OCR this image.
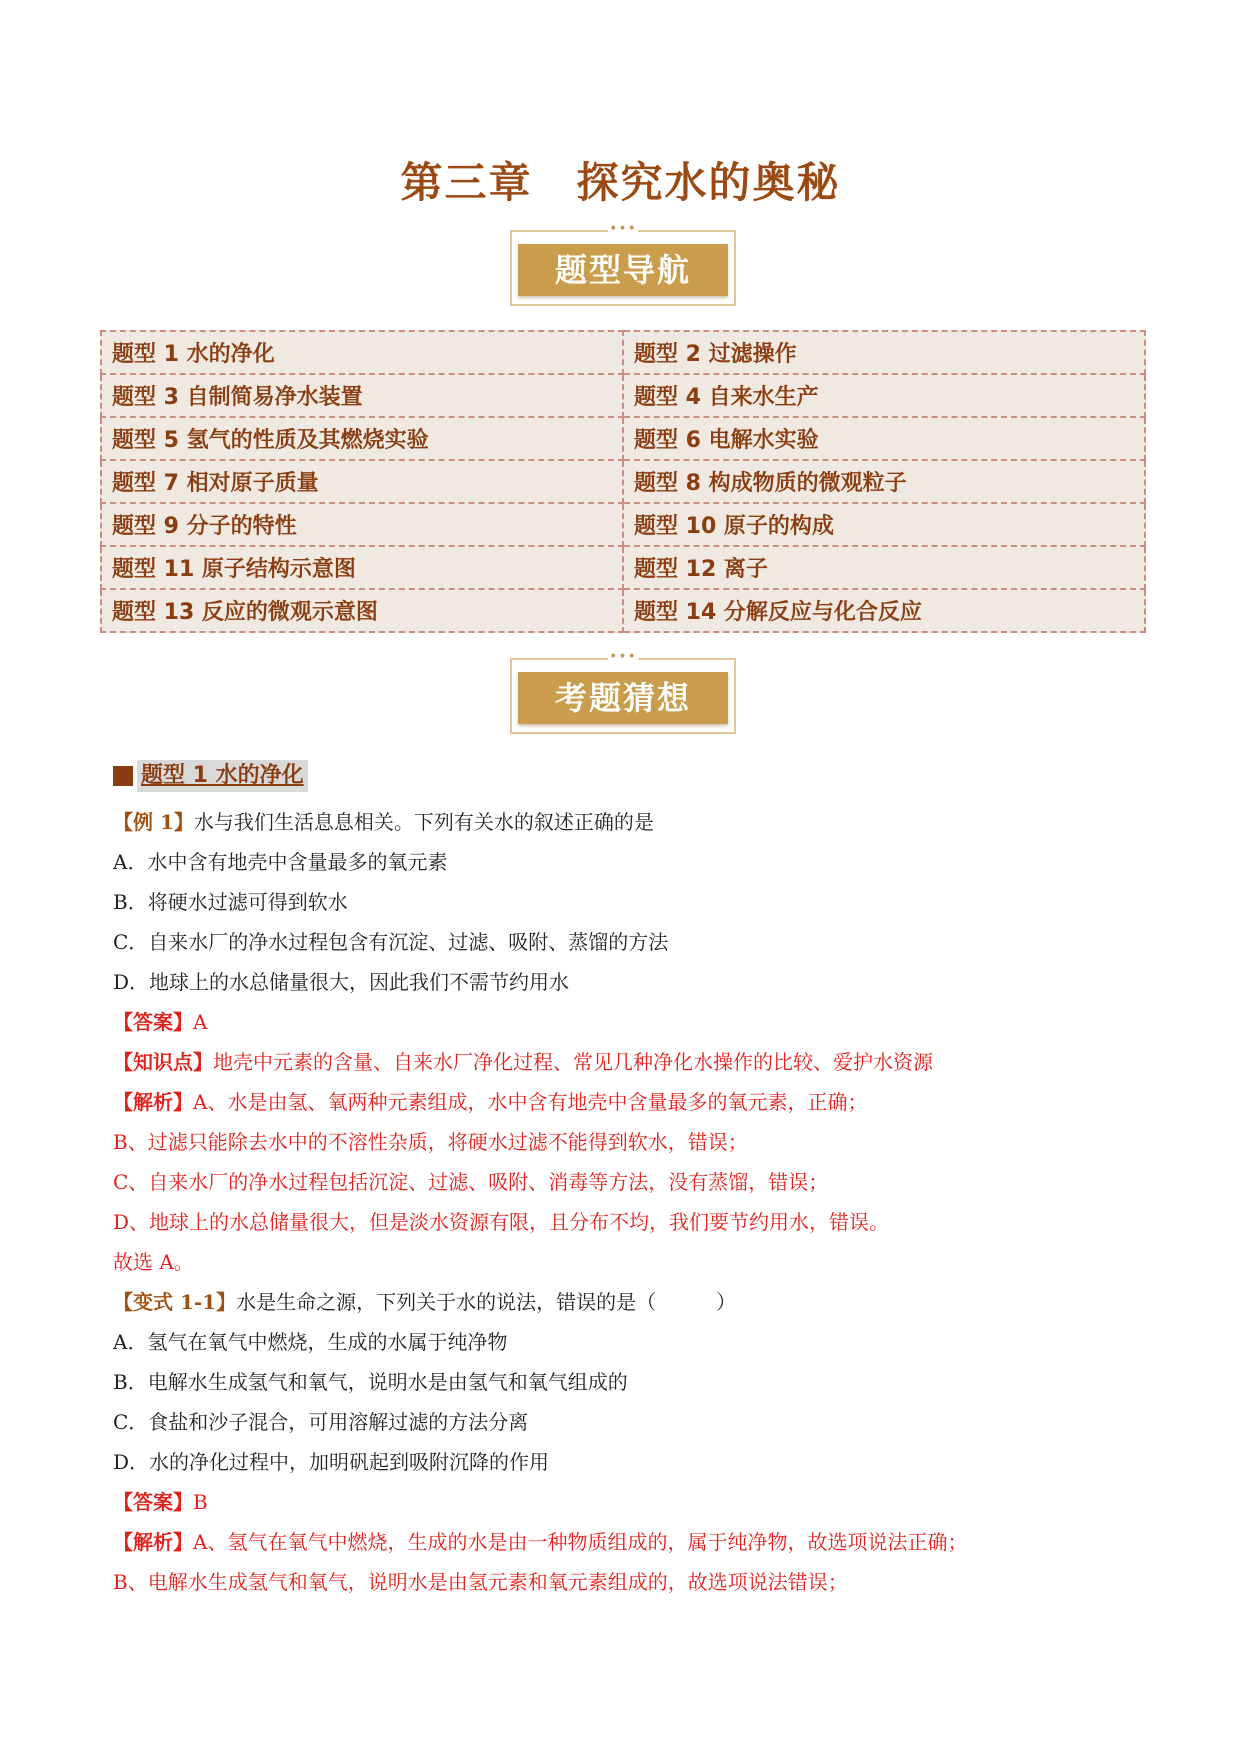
第三章　探究水的奥秘
•••
题型导航
题型 1 水的净化	题型 2 过滤操作
题型 3 自制简易净水装置	题型 4 自来水生产
题型 5 氢气的性质及其燃烧实验	题型 6 电解水实验
题型 7 相对原子质量	题型 8 构成物质的微观粒子
题型 9 分子的特性	题型 10 原子的构成
题型 11 原子结构示意图	题型 12 离子
题型 13 反应的微观示意图	题型 14 分解反应与化合反应
•••
考题猜想
题型 1 水的净化
【例 1】水与我们生活息息相关。下列有关水的叙述正确的是
A．水中含有地壳中含量最多的氧元素
B．将硬水过滤可得到软水
C．自来水厂的净水过程包含有沉淀、过滤、吸附、蒸馏的方法
D．地球上的水总储量很大，因此我们不需节约用水
【答案】A
【知识点】地壳中元素的含量、自来水厂净化过程、常见几种净化水操作的比较、爱护水资源
【解析】A、水是由氢、氧两种元素组成，水中含有地壳中含量最多的氧元素，正确；
B、过滤只能除去水中的不溶性杂质，将硬水过滤不能得到软水，错误；
C、自来水厂的净水过程包括沉淀、过滤、吸附、消毒等方法，没有蒸馏，错误；
D、地球上的水总储量很大，但是淡水资源有限，且分布不均，我们要节约用水，错误。
故选 A。
【变式 1-1】水是生命之源，下列关于水的说法，错误的是（　　　）
A．氢气在氧气中燃烧，生成的水属于纯净物
B．电解水生成氢气和氧气，说明水是由氢气和氧气组成的
C．食盐和沙子混合，可用溶解过滤的方法分离
D．水的净化过程中，加明矾起到吸附沉降的作用
【答案】B
【解析】A、氢气在氧气中燃烧，生成的水是由一种物质组成的，属于纯净物，故选项说法正确；
B、电解水生成氢气和氧气，说明水是由氢元素和氧元素组成的，故选项说法错误；
